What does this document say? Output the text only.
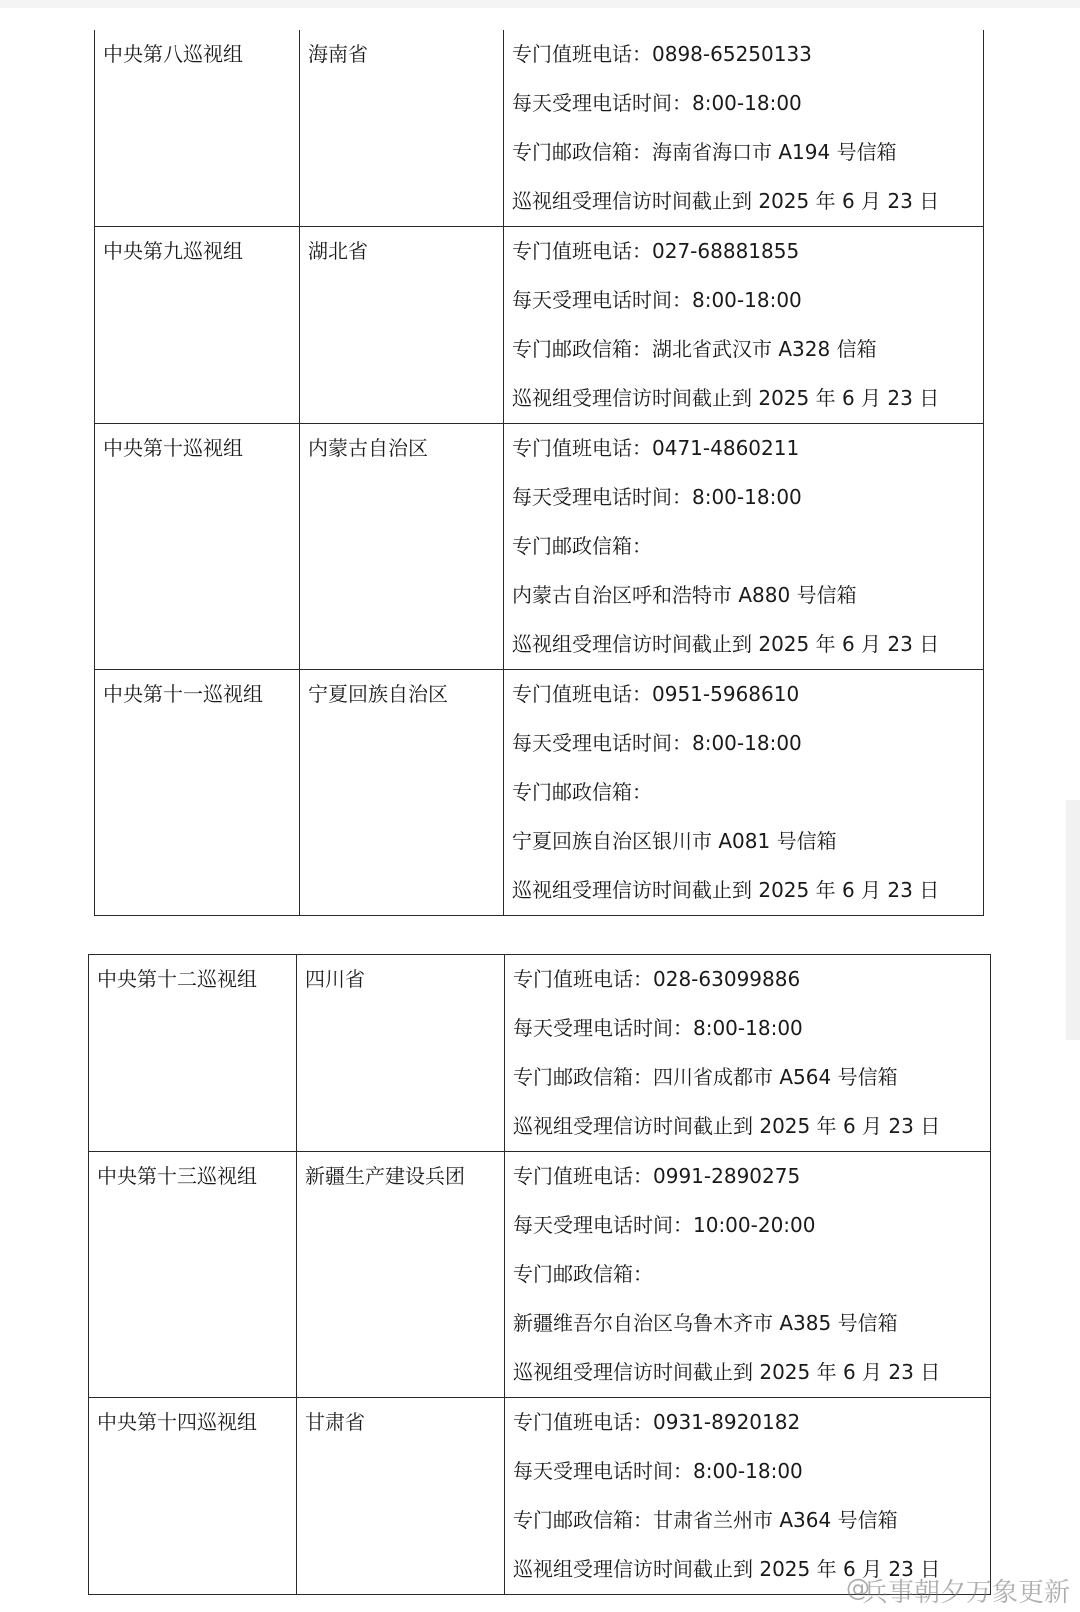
中央第八巡视组	海南省	专门值班电话：0898-65250133
每天受理电话时间：8:00-18:00
专门邮政信箱：海南省海口市 A194 号信箱
巡视组受理信访时间截止到 2025 年 6 月 23 日

中央第九巡视组	湖北省	专门值班电话：027-68881855
每天受理电话时间：8:00-18:00
专门邮政信箱：湖北省武汉市 A328 信箱
巡视组受理信访时间截止到 2025 年 6 月 23 日

中央第十巡视组	内蒙古自治区	专门值班电话：0471-4860211
每天受理电话时间：8:00-18:00
专门邮政信箱：
内蒙古自治区呼和浩特市 A880 号信箱
巡视组受理信访时间截止到 2025 年 6 月 23 日

中央第十一巡视组	宁夏回族自治区	专门值班电话：0951-5968610
每天受理电话时间：8:00-18:00
专门邮政信箱：
宁夏回族自治区银川市 A081 号信箱
巡视组受理信访时间截止到 2025 年 6 月 23 日
中央第十二巡视组	四川省	专门值班电话：028-63099886
每天受理电话时间：8:00-18:00
专门邮政信箱：四川省成都市 A564 号信箱
巡视组受理信访时间截止到 2025 年 6 月 23 日

中央第十三巡视组	新疆生产建设兵团	专门值班电话：0991-2890275
每天受理电话时间：10:00-20:00
专门邮政信箱：
新疆维吾尔自治区乌鲁木齐市 A385 号信箱
巡视组受理信访时间截止到 2025 年 6 月 23 日

中央第十四巡视组	甘肃省	专门值班电话：0931-8920182
每天受理电话时间：8:00-18:00
专门邮政信箱：甘肃省兰州市 A364 号信箱
巡视组受理信访时间截止到 2025 年 6 月 23 日
@
兵事朝夕万象更新
